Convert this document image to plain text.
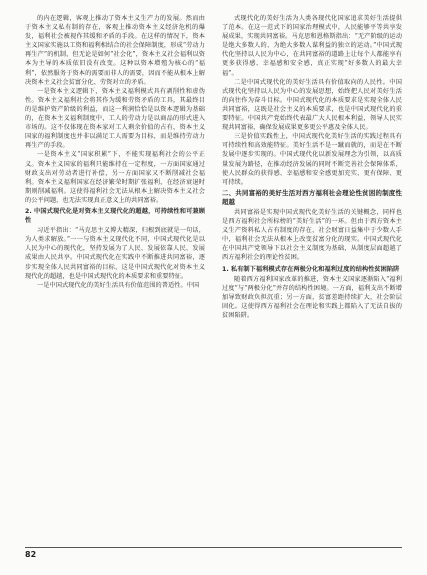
的内在逻辑，客观上推动了资本主义生产力的发展。然而由于资本主义私有制的存在，客观上推动资本主义经济危机的爆发，福利社会被视作其缓和矛盾的手段。在这样的情况下，资本主义国家实施以工资和福利相结合的社会保障制度，形成“劳动力再生产”的机制，但无论是如何“社会化”，资本主义社会福利以资本为主导的本质依旧没有改变。这种以资本增殖为核心的“福利”，依然服务于资本的需要而非人的需要，因而不能从根本上解决资本主义社会贫富分化、劳资对立的矛盾。

一是资本主义逻辑下，资本主义福利模式具有剥削性和虚伪性。资本主义福利社会将其作为缓和劳资矛盾的工具，其最终目的是维护资产阶级的利益，而这一利润恰恰是以资本逻辑为基础的，在资本主义福利制度中，工人的劳动力是以商品的形式进入市场的。这不仅体现在资本家对工人剩余价值的占有，资本主义国家的福利制度也并非以满足工人需要为目标，而是维持劳动力再生产的手段。

一是资本主义“国家积累”下，不能实现福利社会的公平正义。资本主义国家的福利只能维持在一定程度，一方面国家通过财政支出对劳动者进行补偿，另一方面国家又不断削减社会福利。资本主义福利国家在经济繁荣时期扩张福利，在经济衰退时期则削减福利。这使得福利社会无法从根本上解决资本主义社会的公平问题，也无法实现真正意义上的共同富裕。

2. 中国式现代化是对资本主义现代化的超越，可持续性和可兼顾性

习近平指出：“马克思主义博大精深，归根到底就是一句话，为人类求解放。”一一与资本主义现代化不同，中国式现代化是以人民为中心的现代化，坚持发展为了人民、发展依靠人民、发展成果由人民共享。中国式现代化在实践中不断推进共同富裕，逐步实现全体人民共同富裕的目标，这是中国式现代化对资本主义现代化的超越，也是中国式现代化的本质要求和重要特征。

一是中国式现代化的美好生活具有价值范围的普适性。中国

式现代化的美好生活为人类各现代化国家追求美好生活提供了范本。在这一范式下的国家治理模式中，人民能够平等共享发展成果，实现共同富裕。马克思和恩格斯指出：“无产阶级的运动是绝大多数人的、为绝大多数人谋利益的独立的运动。”中国式现代化坚持以人民为中心，在共同富裕的道路上让每个人都能享有更多获得感、幸福感和安全感，真正实现“好多数人的最大幸福”。

二是中国式现代化的美好生活具有价值取向的人民性。中国式现代化坚持以人民为中心的发展思想，始终把人民对美好生活的向往作为奋斗目标。中国式现代化的本质要求是实现全体人民共同富裕，这既是社会主义的本质要求，也是中国式现代化的重要特征。中国共产党始终代表最广大人民根本利益，领导人民实现共同富裕，确保发展成果更多更公平惠及全体人民。

三是价值实践性上，中国式现代化美好生活的实践过程具有可持续性和高效能特征。美好生活不是一蹴而就的，而是在不断发展中逐步实现的。中国式现代化以新发展理念为引领，以高质量发展为路径，在推动经济发展的同时不断完善社会保障体系，使人民群众的获得感、幸福感和安全感更加充实、更有保障、更可持续。

二、共同富裕的美好生活对西方福利社会理论性贫困的制度性超越

共同富裕是实现中国式现代化美好生活的关键概念，同样也是西方福利社会所标榜的“美好生活”的一环。但由于西方资本主义生产资料私人占有制度的存在，社会财富日益集中于少数人手中，福利社会无法从根本上改变贫富分化的现实。中国式现代化在中国共产党领导下以社会主义制度为基础，从制度层面超越了西方福利社会的理论性贫困。

1. 私有制下福利模式存在两极分化和福利过度的结构性贫困陷阱

随着西方福利国家改革的推进，资本主义国家逐渐陷入“福利过度”与“两极分化”并存的结构性困境。一方面，福利支出不断增加导致财政负担沉重；另一方面，贫富差距持续扩大，社会阶层固化。这使得西方福利社会在理论和实践上都陷入了无法自拔的贫困陷阱。

82
